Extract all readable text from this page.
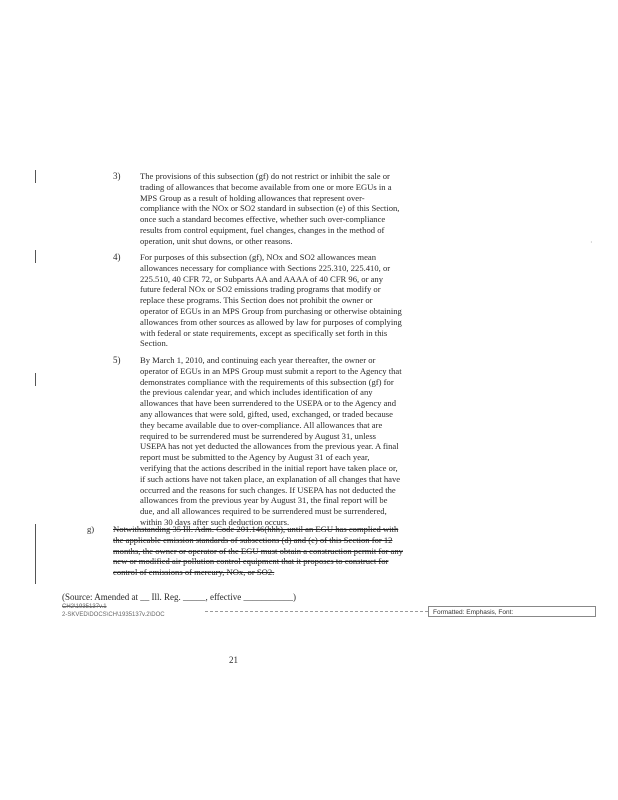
3) The provisions of this subsection (gf) do not restrict or inhibit the sale or trading of allowances that become available from one or more EGUs in a MPS Group as a result of holding allowances that represent over-compliance with the NOx or SO2 standard in subsection (e) of this Section, once such a standard becomes effective, whether such over-compliance results from control equipment, fuel changes, changes in the method of operation, unit shut downs, or other reasons.

4) For purposes of this subsection (gf), NOx and SO2 allowances mean allowances necessary for compliance with Sections 225.310, 225.410, or 225.510, 40 CFR 72, or Subparts AA and AAAA of 40 CFR 96, or any future federal NOx or SO2 emissions trading programs that modify or replace these programs. This Section does not prohibit the owner or operator of EGUs in an MPS Group from purchasing or otherwise obtaining allowances from other sources as allowed by law for purposes of complying with federal or state requirements, except as specifically set forth in this Section.

5) By March 1, 2010, and continuing each year thereafter, the owner or operator of EGUs in an MPS Group must submit a report to the Agency that demonstrates compliance with the requirements of this subsection (gf) for the previous calendar year, and which includes identification of any allowances that have been surrendered to the USEPA or to the Agency and any allowances that were sold, gifted, used, exchanged, or traded because they became available due to over-compliance. All allowances that are required to be surrendered must be surrendered by August 31, unless USEPA has not yet deducted the allowances from the previous year. A final report must be submitted to the Agency by August 31 of each year, verifying that the actions described in the initial report have taken place or, if such actions have not taken place, an explanation of all changes that have occurred and the reasons for such changes. If USEPA has not deducted the allowances from the previous year by August 31, the final report will be due, and all allowances required to be surrendered must be surrendered, within 30 days after such deduction occurs.

g) Notwithstanding 35 Ill. Adm. Code 201.146(hhh), until an EGU has complied with the applicable emission standards of subsections (d) and (e) of this Section for 12 months, the owner or operator of the EGU must obtain a construction permit for any new or modified air pollution control equipment that it proposes to construct for control of emissions of mercury, NOx, or SO2.
(Source: Amended at __ Ill. Reg. _____, effective ___________)
CH2\1935137v.1
2-SKVED\DOCS\CH\1935137v.2\DOC	Formatted: Emphasis, Font:
21
·
